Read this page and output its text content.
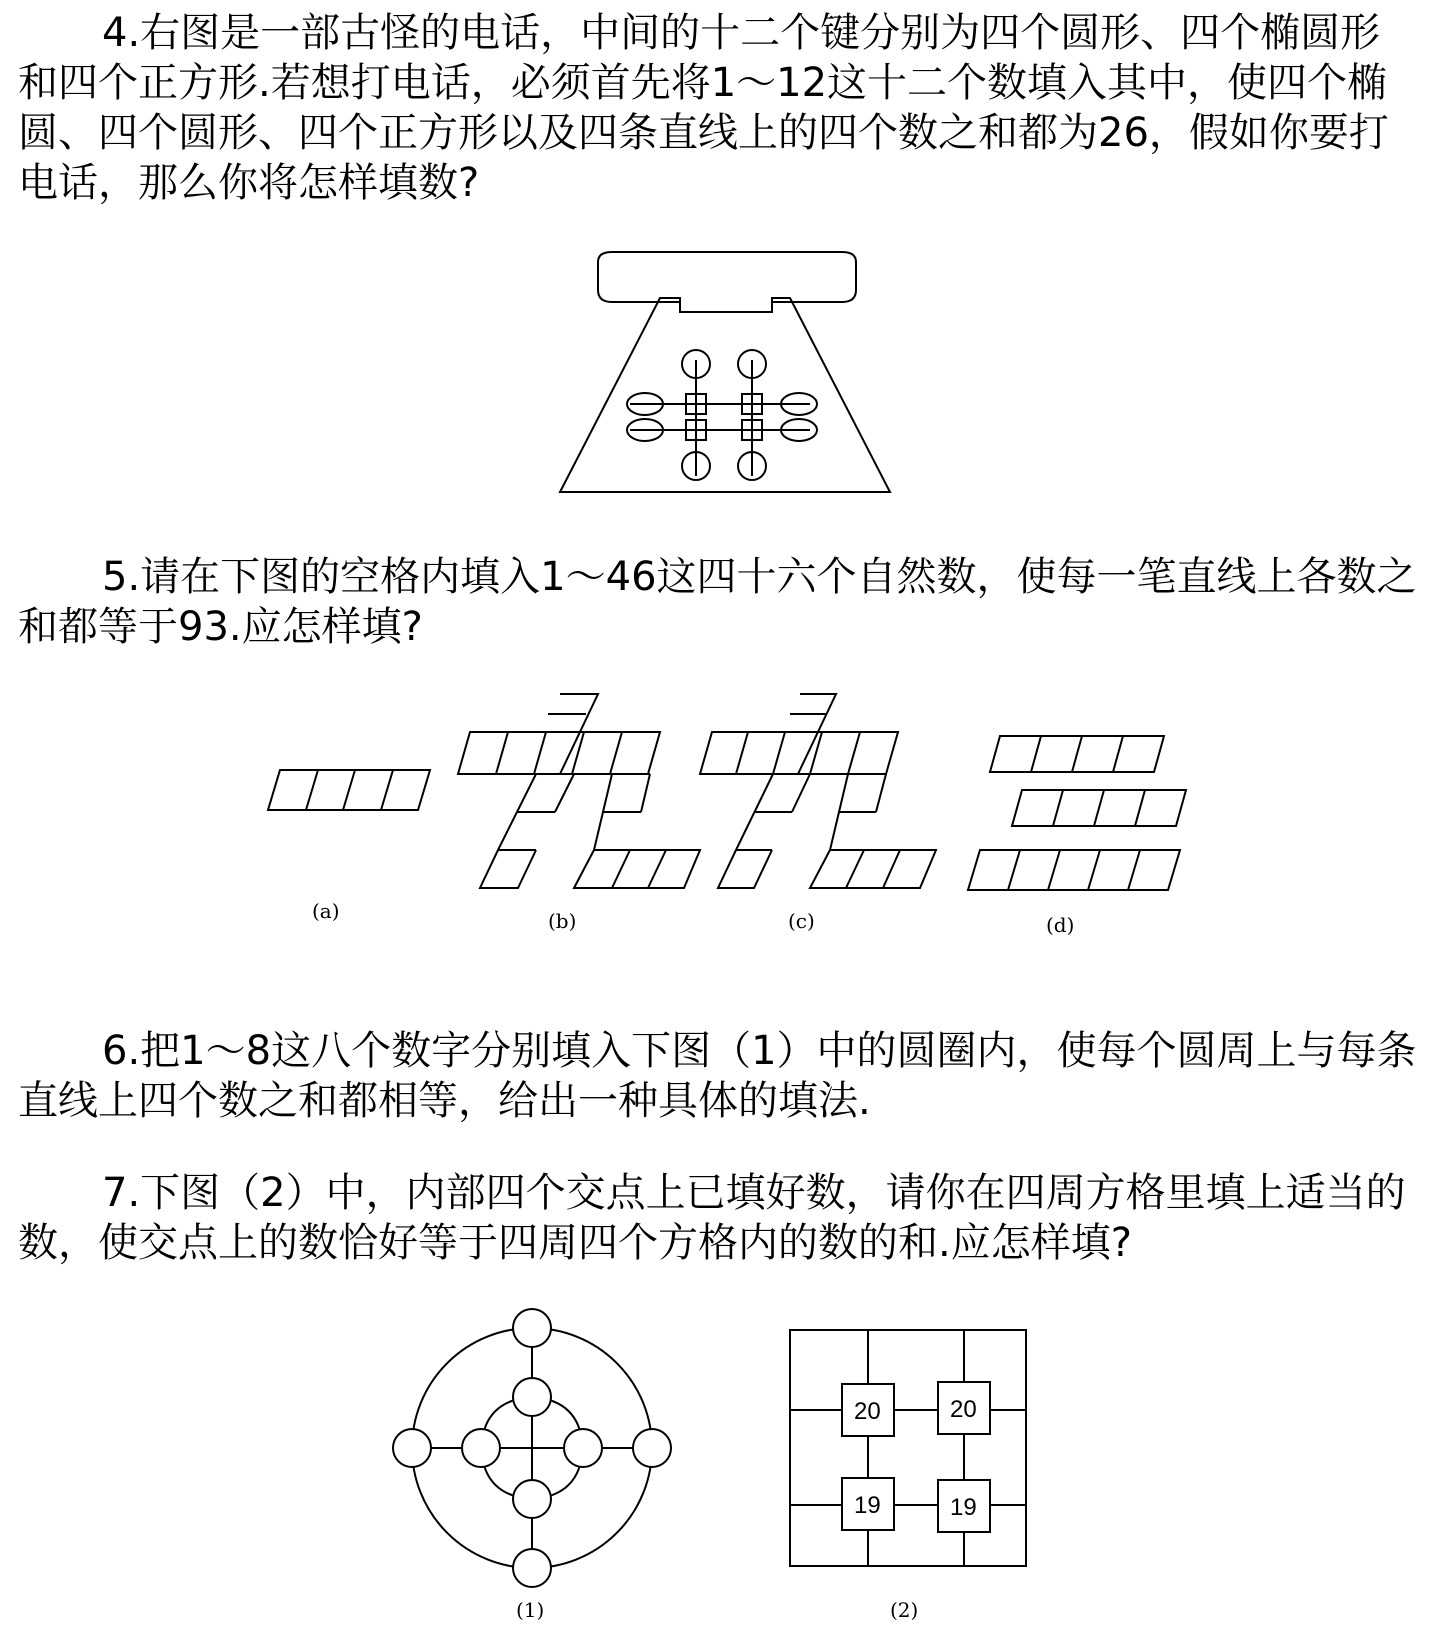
4.右图是一部古怪的电话，中间的十二个键分别为四个圆形、四个椭圆形和四个正方形.若想打电话，必须首先将1～12这十二个数填入其中，使四个椭圆、四个圆形、四个正方形以及四条直线上的四个数之和都为26，假如你要打电话，那么你将怎样填数?

5.请在下图的空格内填入1～46这四十六个自然数，使每一笔直线上各数之和都等于93.应怎样填?

(a)	(b)	(c)	(d)

6.把1～8这八个数字分别填入下图（1）中的圆圈内，使每个圆周上与每条直线上四个数之和都相等，给出一种具体的填法.

7.下图（2）中，内部四个交点上已填好数，请你在四周方格里填上适当的数，使交点上的数恰好等于四周四个方格内的数的和.应怎样填?

(1)
20	20
19	19
(2)
